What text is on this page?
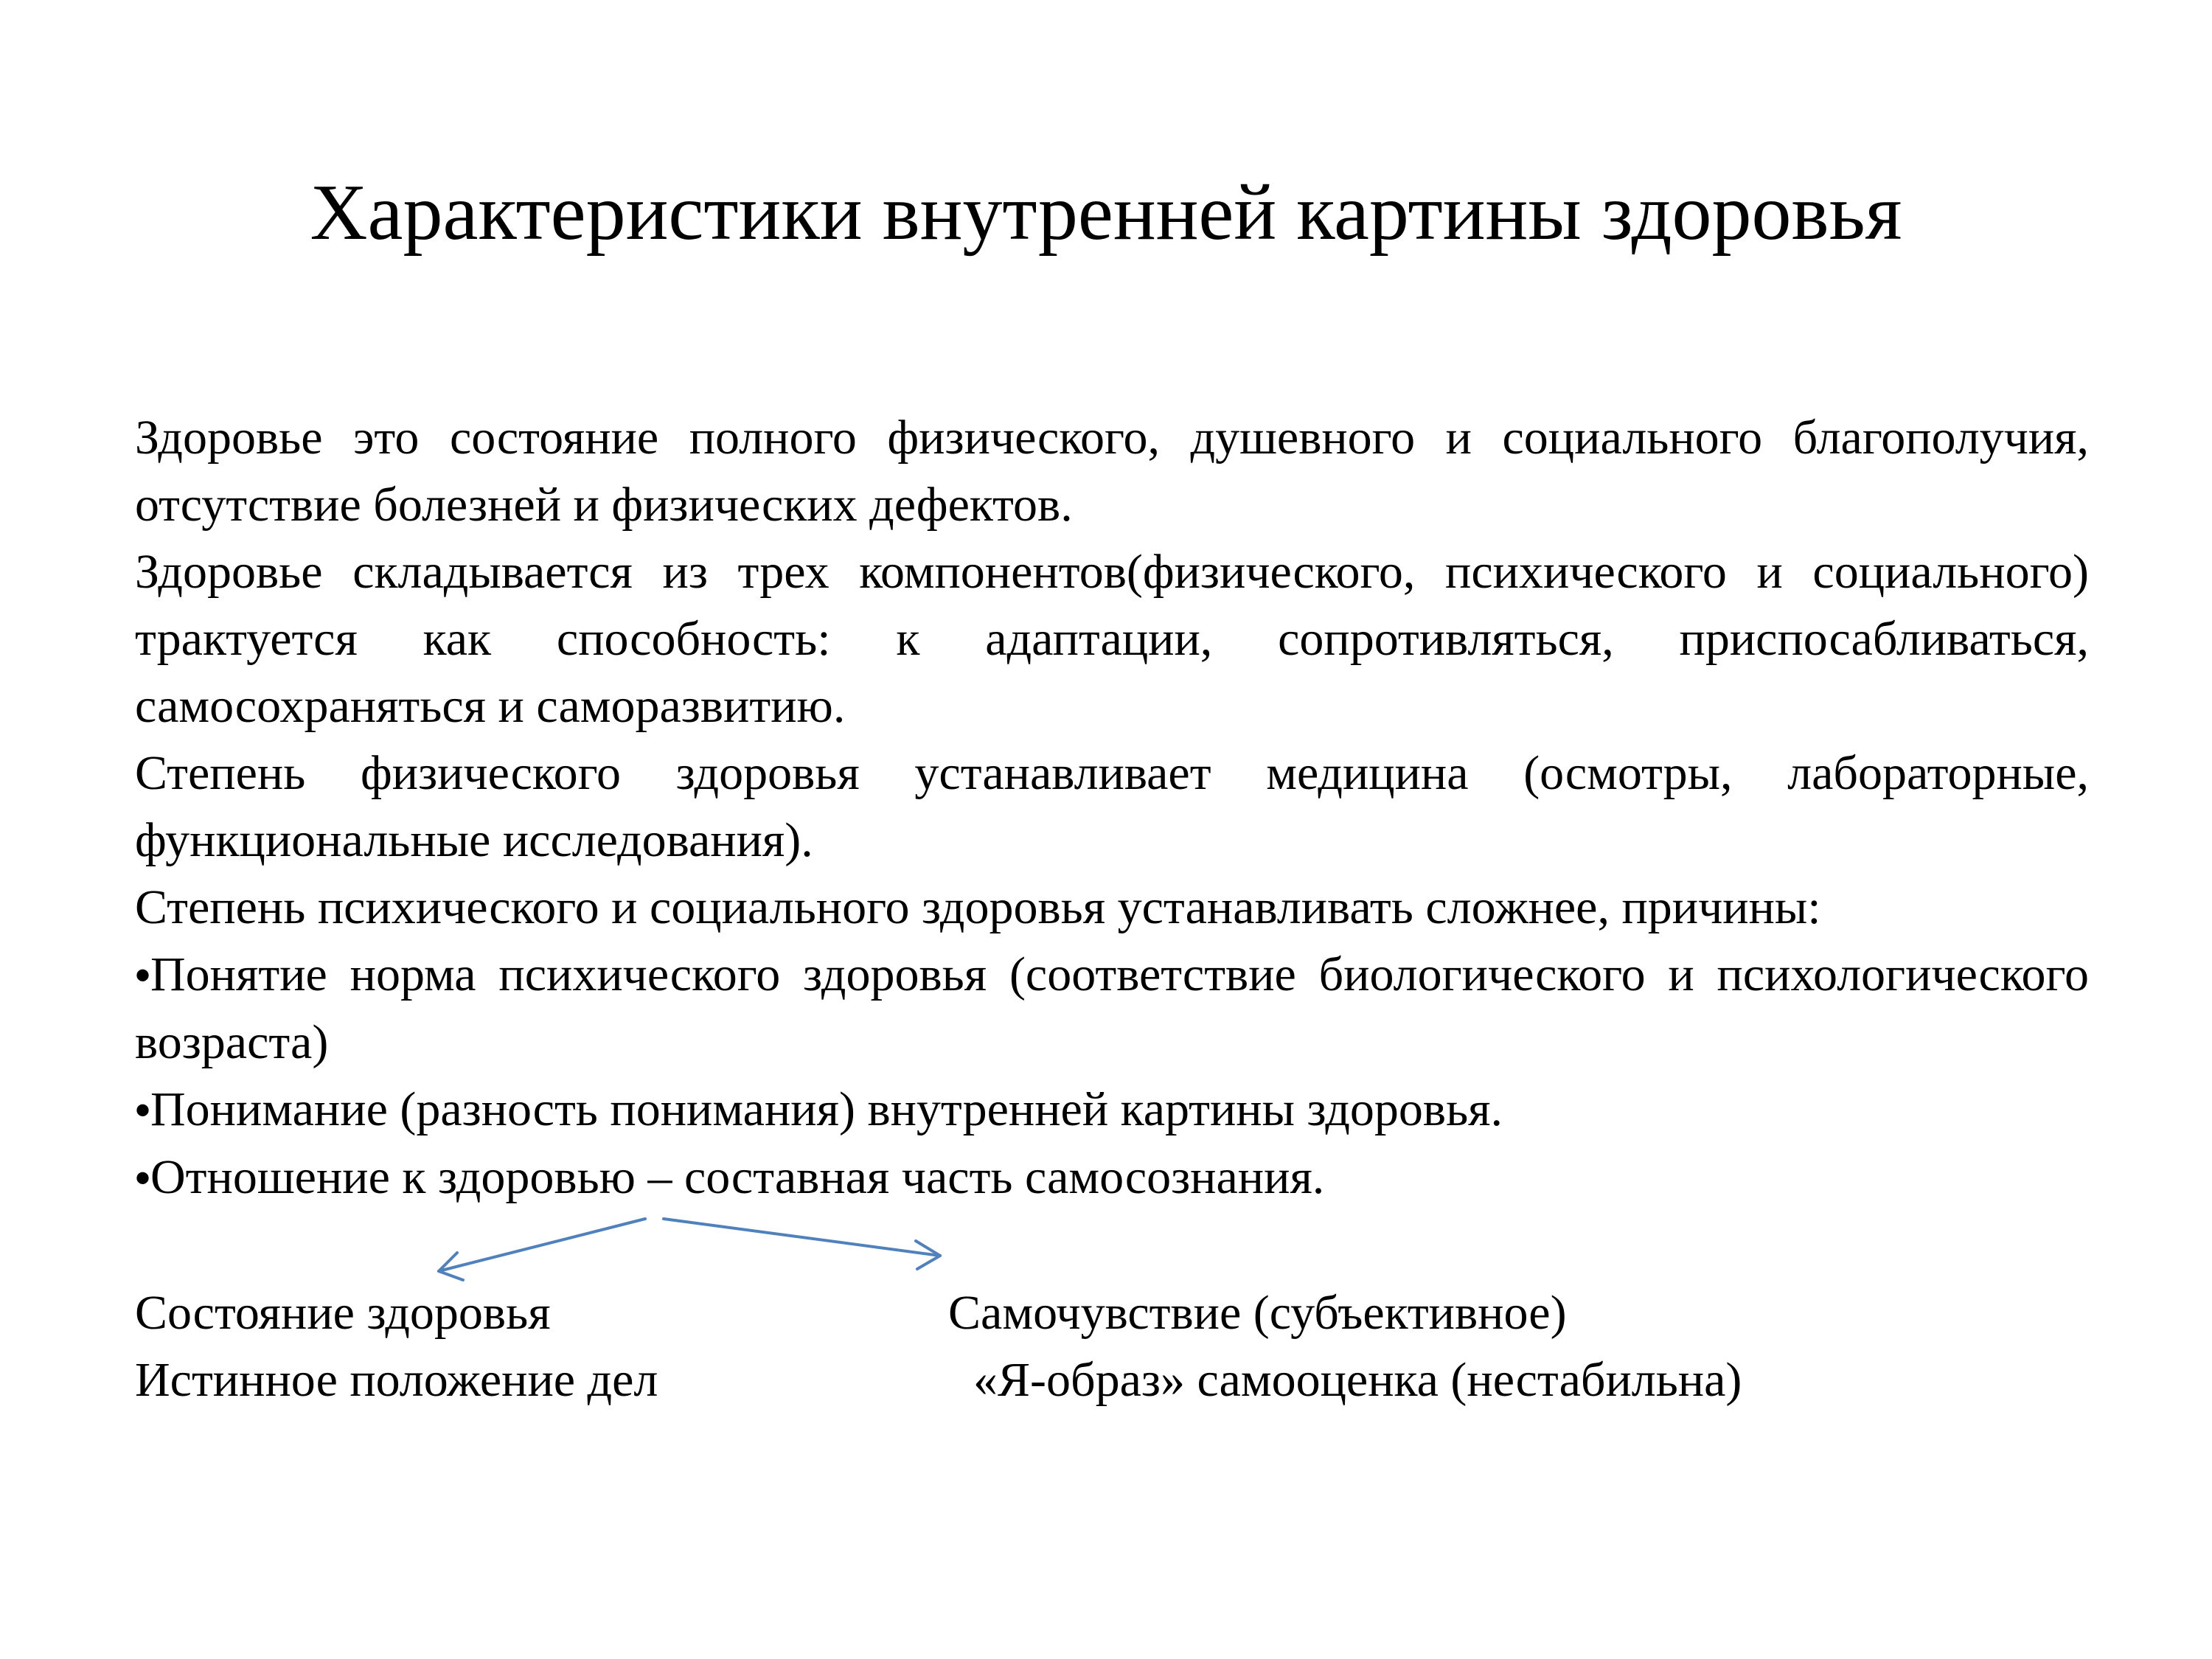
Характеристики внутренней картины здоровья

Здоровье это состояние полного физического, душевного и социального благополучия, отсутствие болезней и физических дефектов.

Здоровье складывается из трех компонентов(физического, психического и социального) трактуется как способность: к адаптации, сопротивляться, приспосабливаться, самосохраняться и саморазвитию.

Степень физического здоровья устанавливает медицина (осмотры, лабораторные, функциональные исследования).

Степень психического и социального здоровья устанавливать сложнее, причины:

•Понятие норма психического здоровья (соответствие биологического и психологического возраста)

•Понимание (разность понимания) внутренней картины здоровья.

•Отношение к здоровью – составная часть самосознания.

Состояние здоровья	Самочувствие (субъективное)
Истинное положение дел	«Я-образ» самооценка (нестабильна)
